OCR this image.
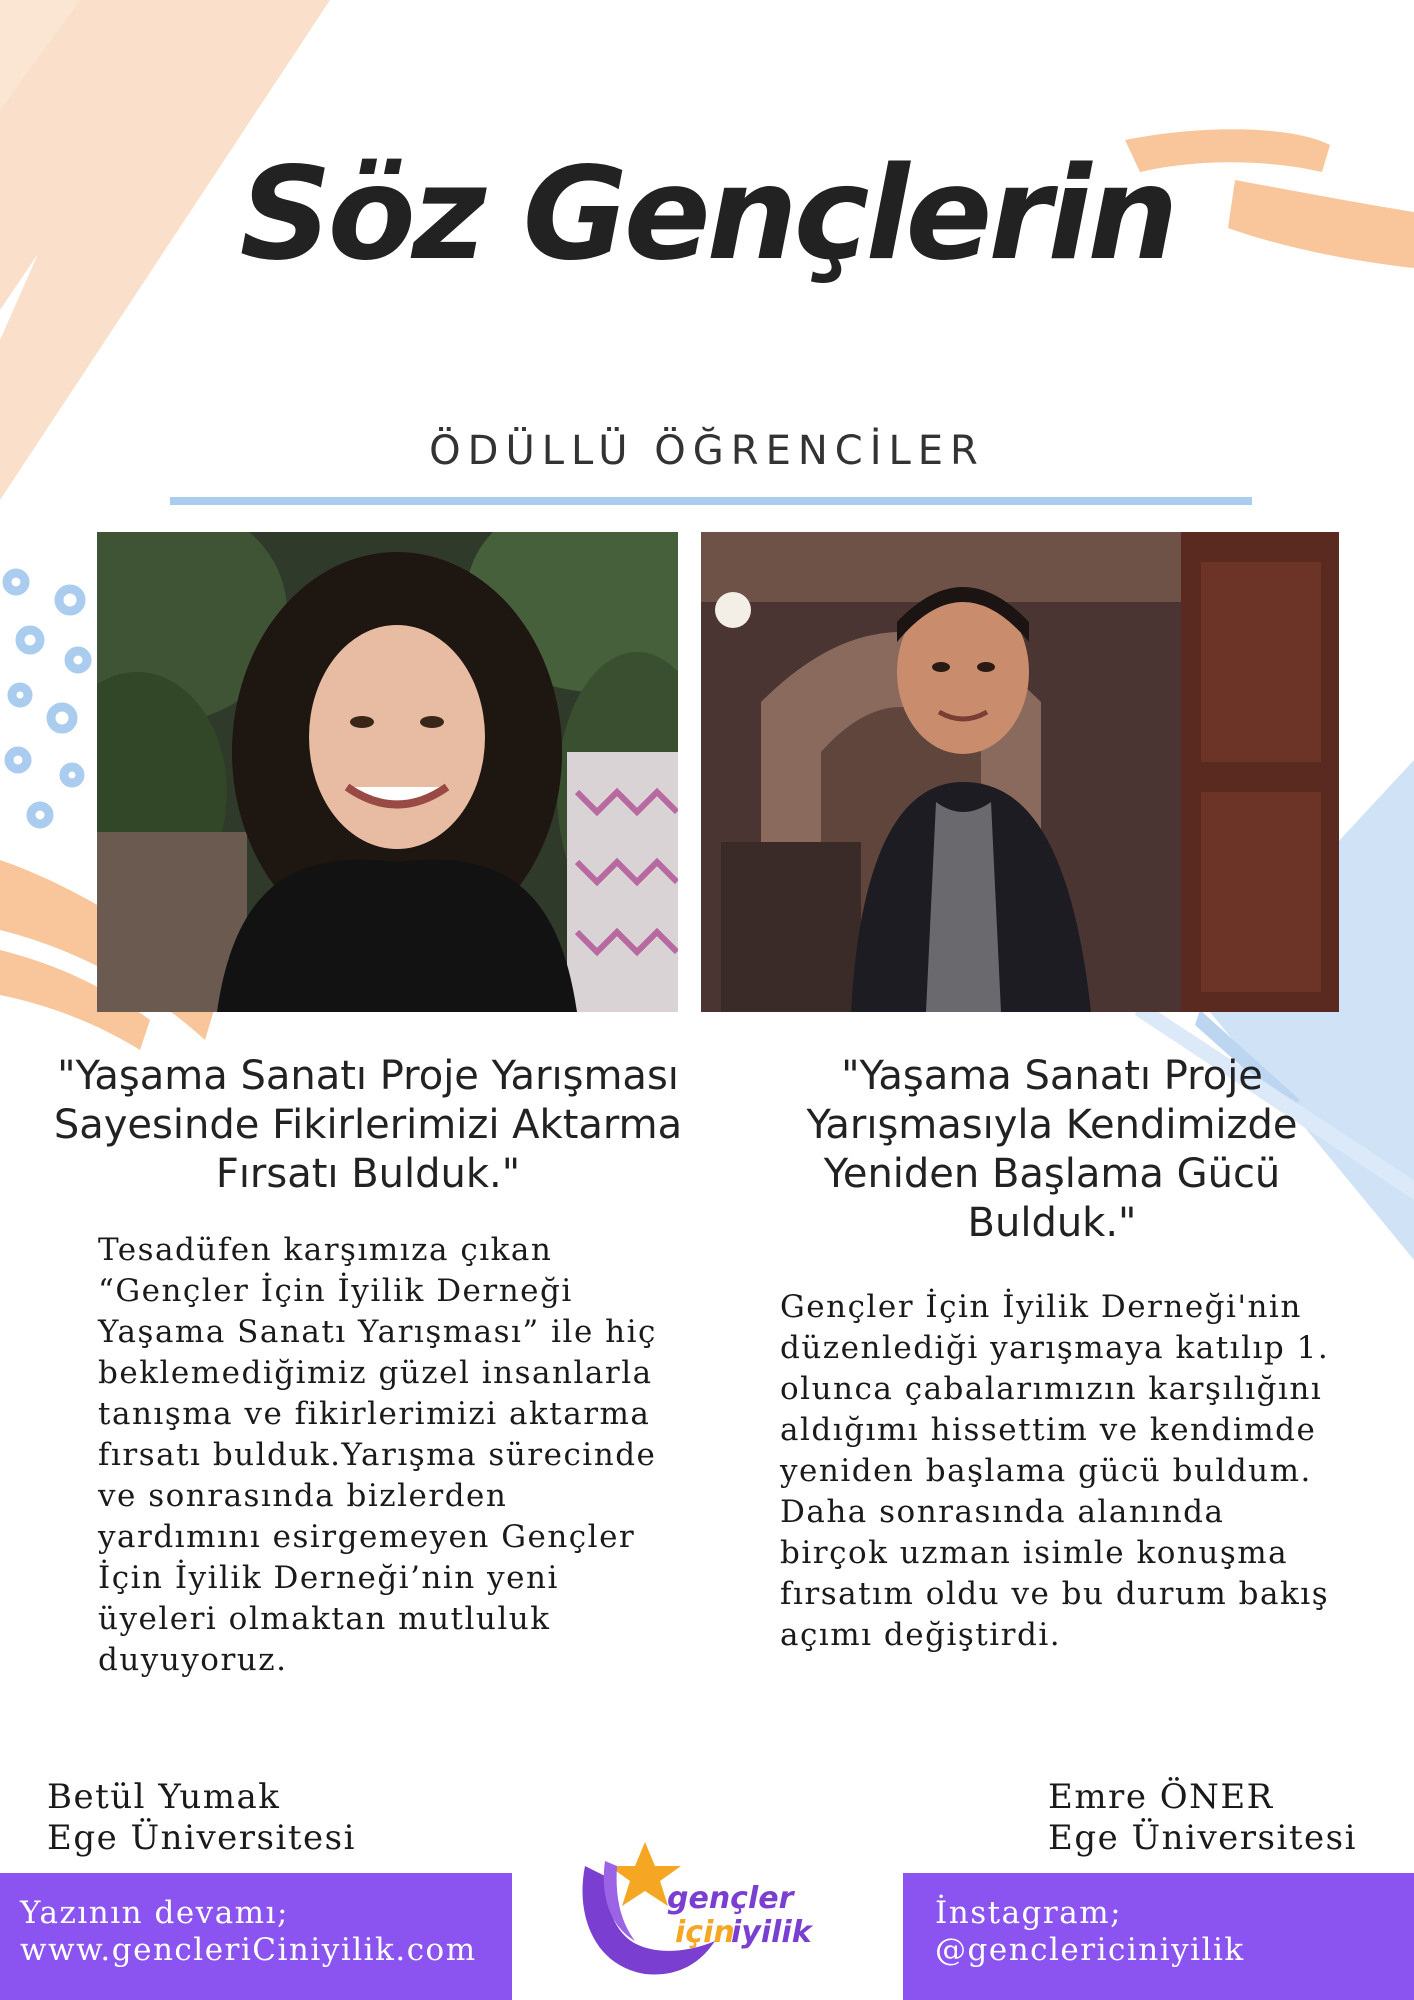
Söz Gençlerin
ÖDÜLLÜ ÖĞRENCİLER
"Yaşama Sanatı Proje Yarışması Sayesinde Fikirlerimizi Aktarma Fırsatı Bulduk."
Tesadüfen karşımıza çıkan “Gençler İçin İyilik Derneği Yaşama Sanatı Yarışması” ile hiç beklemediğimiz güzel insanlarla tanışma ve fikirlerimizi aktarma fırsatı bulduk.Yarışma sürecinde ve sonrasında bizlerden yardımını esirgemeyen Gençler İçin İyilik Derneği’nin yeni üyeleri olmaktan mutluluk duyuyoruz.
Betül Yumak
Ege Üniversitesi
"Yaşama Sanatı Proje Yarışmasıyla Kendimizde Yeniden Başlama Gücü Bulduk."
Gençler İçin İyilik Derneği'nin düzenlediği yarışmaya katılıp 1. olunca çabalarımızın karşılığını aldığımı hissettim ve kendimde yeniden başlama gücü buldum. Daha sonrasında alanında birçok uzman isimle konuşma fırsatım oldu ve bu durum bakış açımı değiştirdi.
Emre ÖNER
Ege Üniversitesi
Yazının devamı;
www.gencleriCiniyilik.com
İnstagram;
@genclericiniyilik
gençler
için
iyilik
